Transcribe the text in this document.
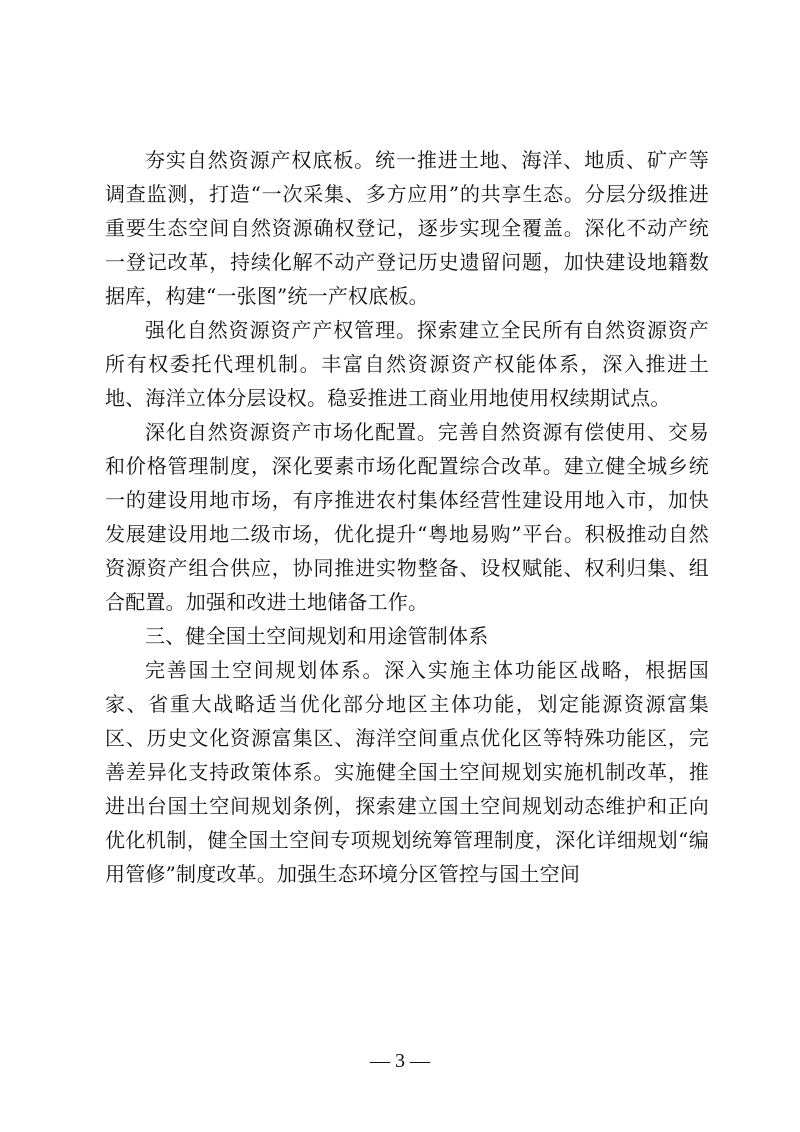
夯实自然资源产权底板。统一推进土地、海洋、地质、矿产等调查监测，打造“一次采集、多方应用”的共享生态。分层分级推进重要生态空间自然资源确权登记，逐步实现全覆盖。深化不动产统一登记改革，持续化解不动产登记历史遗留问题，加快建设地籍数据库，构建“一张图”统一产权底板。

强化自然资源资产产权管理。探索建立全民所有自然资源资产所有权委托代理机制。丰富自然资源资产权能体系，深入推进土地、海洋立体分层设权。稳妥推进工商业用地使用权续期试点。

深化自然资源资产市场化配置。完善自然资源有偿使用、交易和价格管理制度，深化要素市场化配置综合改革。建立健全城乡统一的建设用地市场，有序推进农村集体经营性建设用地入市，加快发展建设用地二级市场，优化提升“粤地易购”平台。积极推动自然资源资产组合供应，协同推进实物整备、设权赋能、权利归集、组合配置。加强和改进土地储备工作。

三、健全国土空间规划和用途管制体系

完善国土空间规划体系。深入实施主体功能区战略，根据国家、省重大战略适当优化部分地区主体功能，划定能源资源富集区、历史文化资源富集区、海洋空间重点优化区等特殊功能区，完善差异化支持政策体系。实施健全国土空间规划实施机制改革，推进出台国土空间规划条例，探索建立国土空间规划动态维护和正向优化机制，健全国土空间专项规划统筹管理制度，深化详细规划“编用管修”制度改革。加强生态环境分区管控与国土空间

— 3 —
